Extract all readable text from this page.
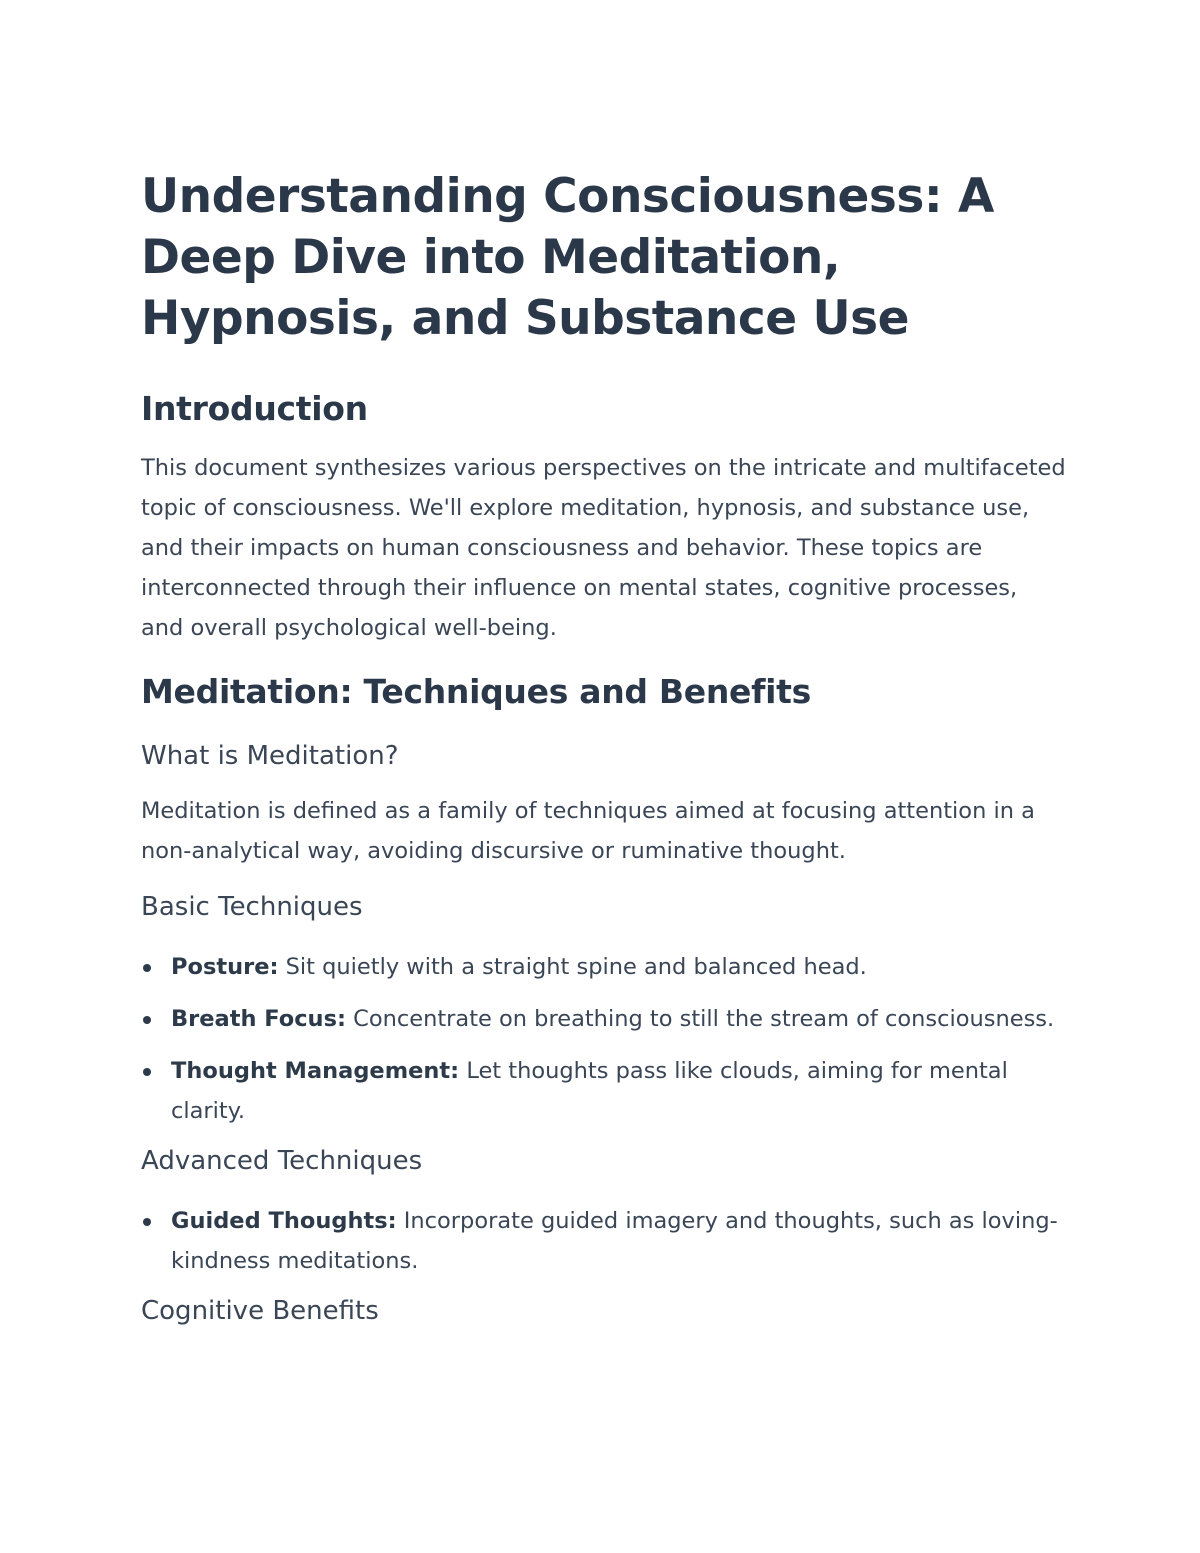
Understanding Consciousness: A Deep Dive into Meditation, Hypnosis, and Substance Use
Introduction

This document synthesizes various perspectives on the intricate and multifaceted topic of consciousness. We'll explore meditation, hypnosis, and substance use, and their impacts on human consciousness and behavior. These topics are interconnected through their influence on mental states, cognitive processes, and overall psychological well-being.

Meditation: Techniques and Benefits
What is Meditation?

Meditation is defined as a family of techniques aimed at focusing attention in a non-analytical way, avoiding discursive or ruminative thought.

Basic Techniques
Posture: Sit quietly with a straight spine and balanced head.
Breath Focus: Concentrate on breathing to still the stream of consciousness.
Thought Management: Let thoughts pass like clouds, aiming for mental clarity.
Advanced Techniques
Guided Thoughts: Incorporate guided imagery and thoughts, such as loving-kindness meditations.
Cognitive Benefits
